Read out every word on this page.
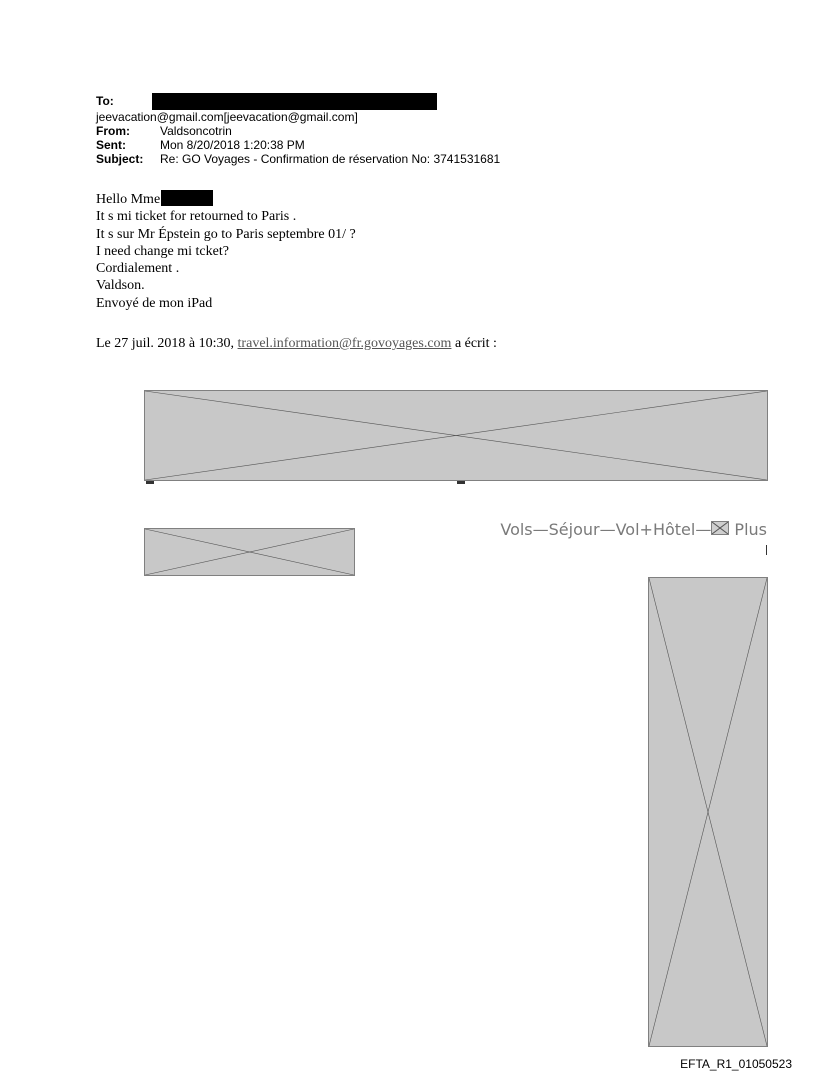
To:
jeevacation@gmail.com[jeevacation@gmail.com]
From:	Valdsoncotrin
Sent:	Mon 8/20/2018 1:20:38 PM
Subject: Re: GO Voyages - Confirmation de réservation No: 3741531681
Hello Mme
It s mi ticket for retourned to Paris .
It s sur Mr Épstein go to Paris septembre 01/ ?
I need change mi tcket?
Cordialement .
Valdson.
Envoyé de mon iPad
Le 27 juil. 2018 à 10:30, travel.information@fr.govoyages.com a écrit :
Vols—Séjour—Vol+Hôtel— Plus
EFTA_R1_01050523
